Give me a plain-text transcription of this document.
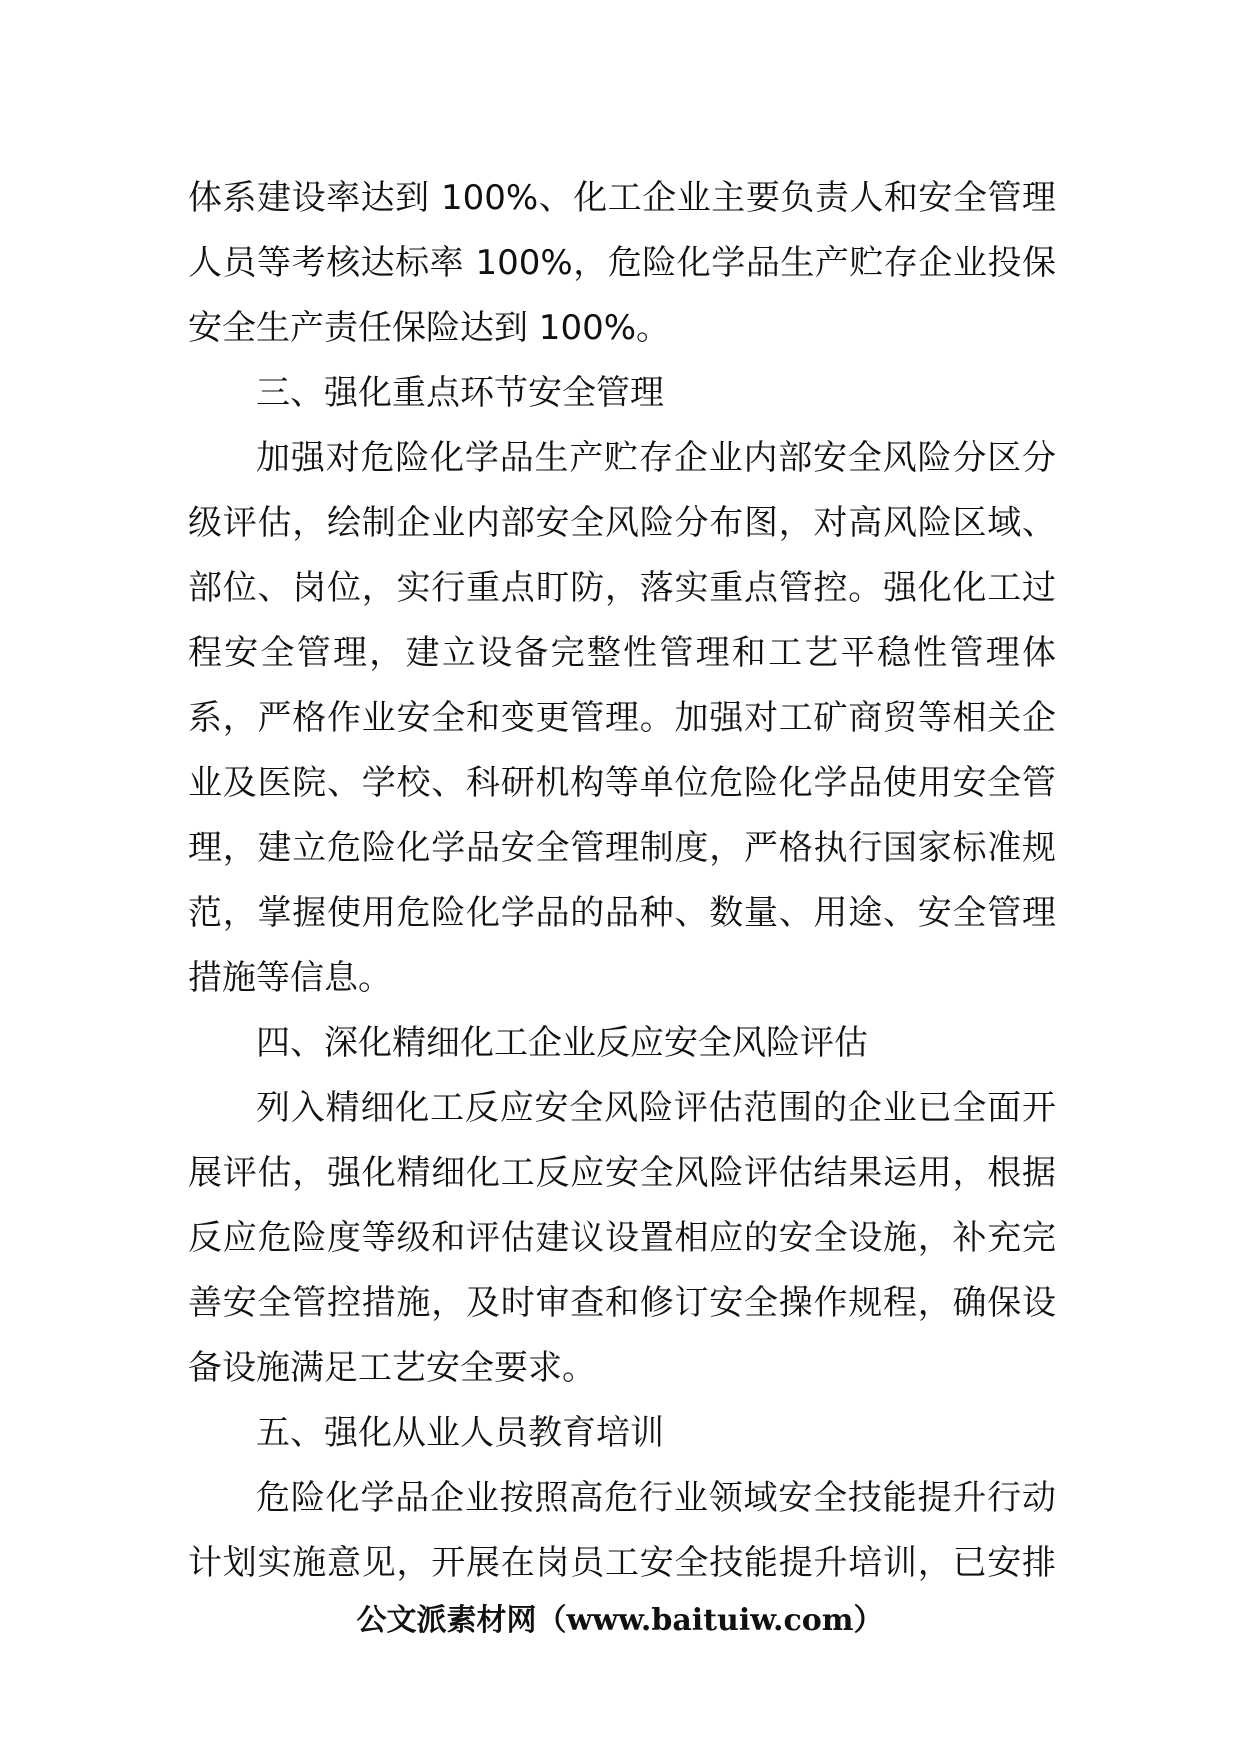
体系建设率达到 100%、化工企业主要负责人和安全管理
人员等考核达标率 100%，危险化学品生产贮存企业投保
安全生产责任保险达到 100%。
三、强化重点环节安全管理
加强对危险化学品生产贮存企业内部安全风险分区分
级评估，绘制企业内部安全风险分布图，对高风险区域、
部位、岗位，实行重点盯防，落实重点管控。强化化工过
程安全管理，建立设备完整性管理和工艺平稳性管理体
系，严格作业安全和变更管理。加强对工矿商贸等相关企
业及医院、学校、科研机构等单位危险化学品使用安全管
理，建立危险化学品安全管理制度，严格执行国家标准规
范，掌握使用危险化学品的品种、数量、用途、安全管理
措施等信息。
四、深化精细化工企业反应安全风险评估
列入精细化工反应安全风险评估范围的企业已全面开
展评估，强化精细化工反应安全风险评估结果运用，根据
反应危险度等级和评估建议设置相应的安全设施，补充完
善安全管控措施，及时审查和修订安全操作规程，确保设
备设施满足工艺安全要求。
五、强化从业人员教育培训
危险化学品企业按照高危行业领域安全技能提升行动
计划实施意见，开展在岗员工安全技能提升培训，已安排
公文派素材网（www.baituiw.com）
